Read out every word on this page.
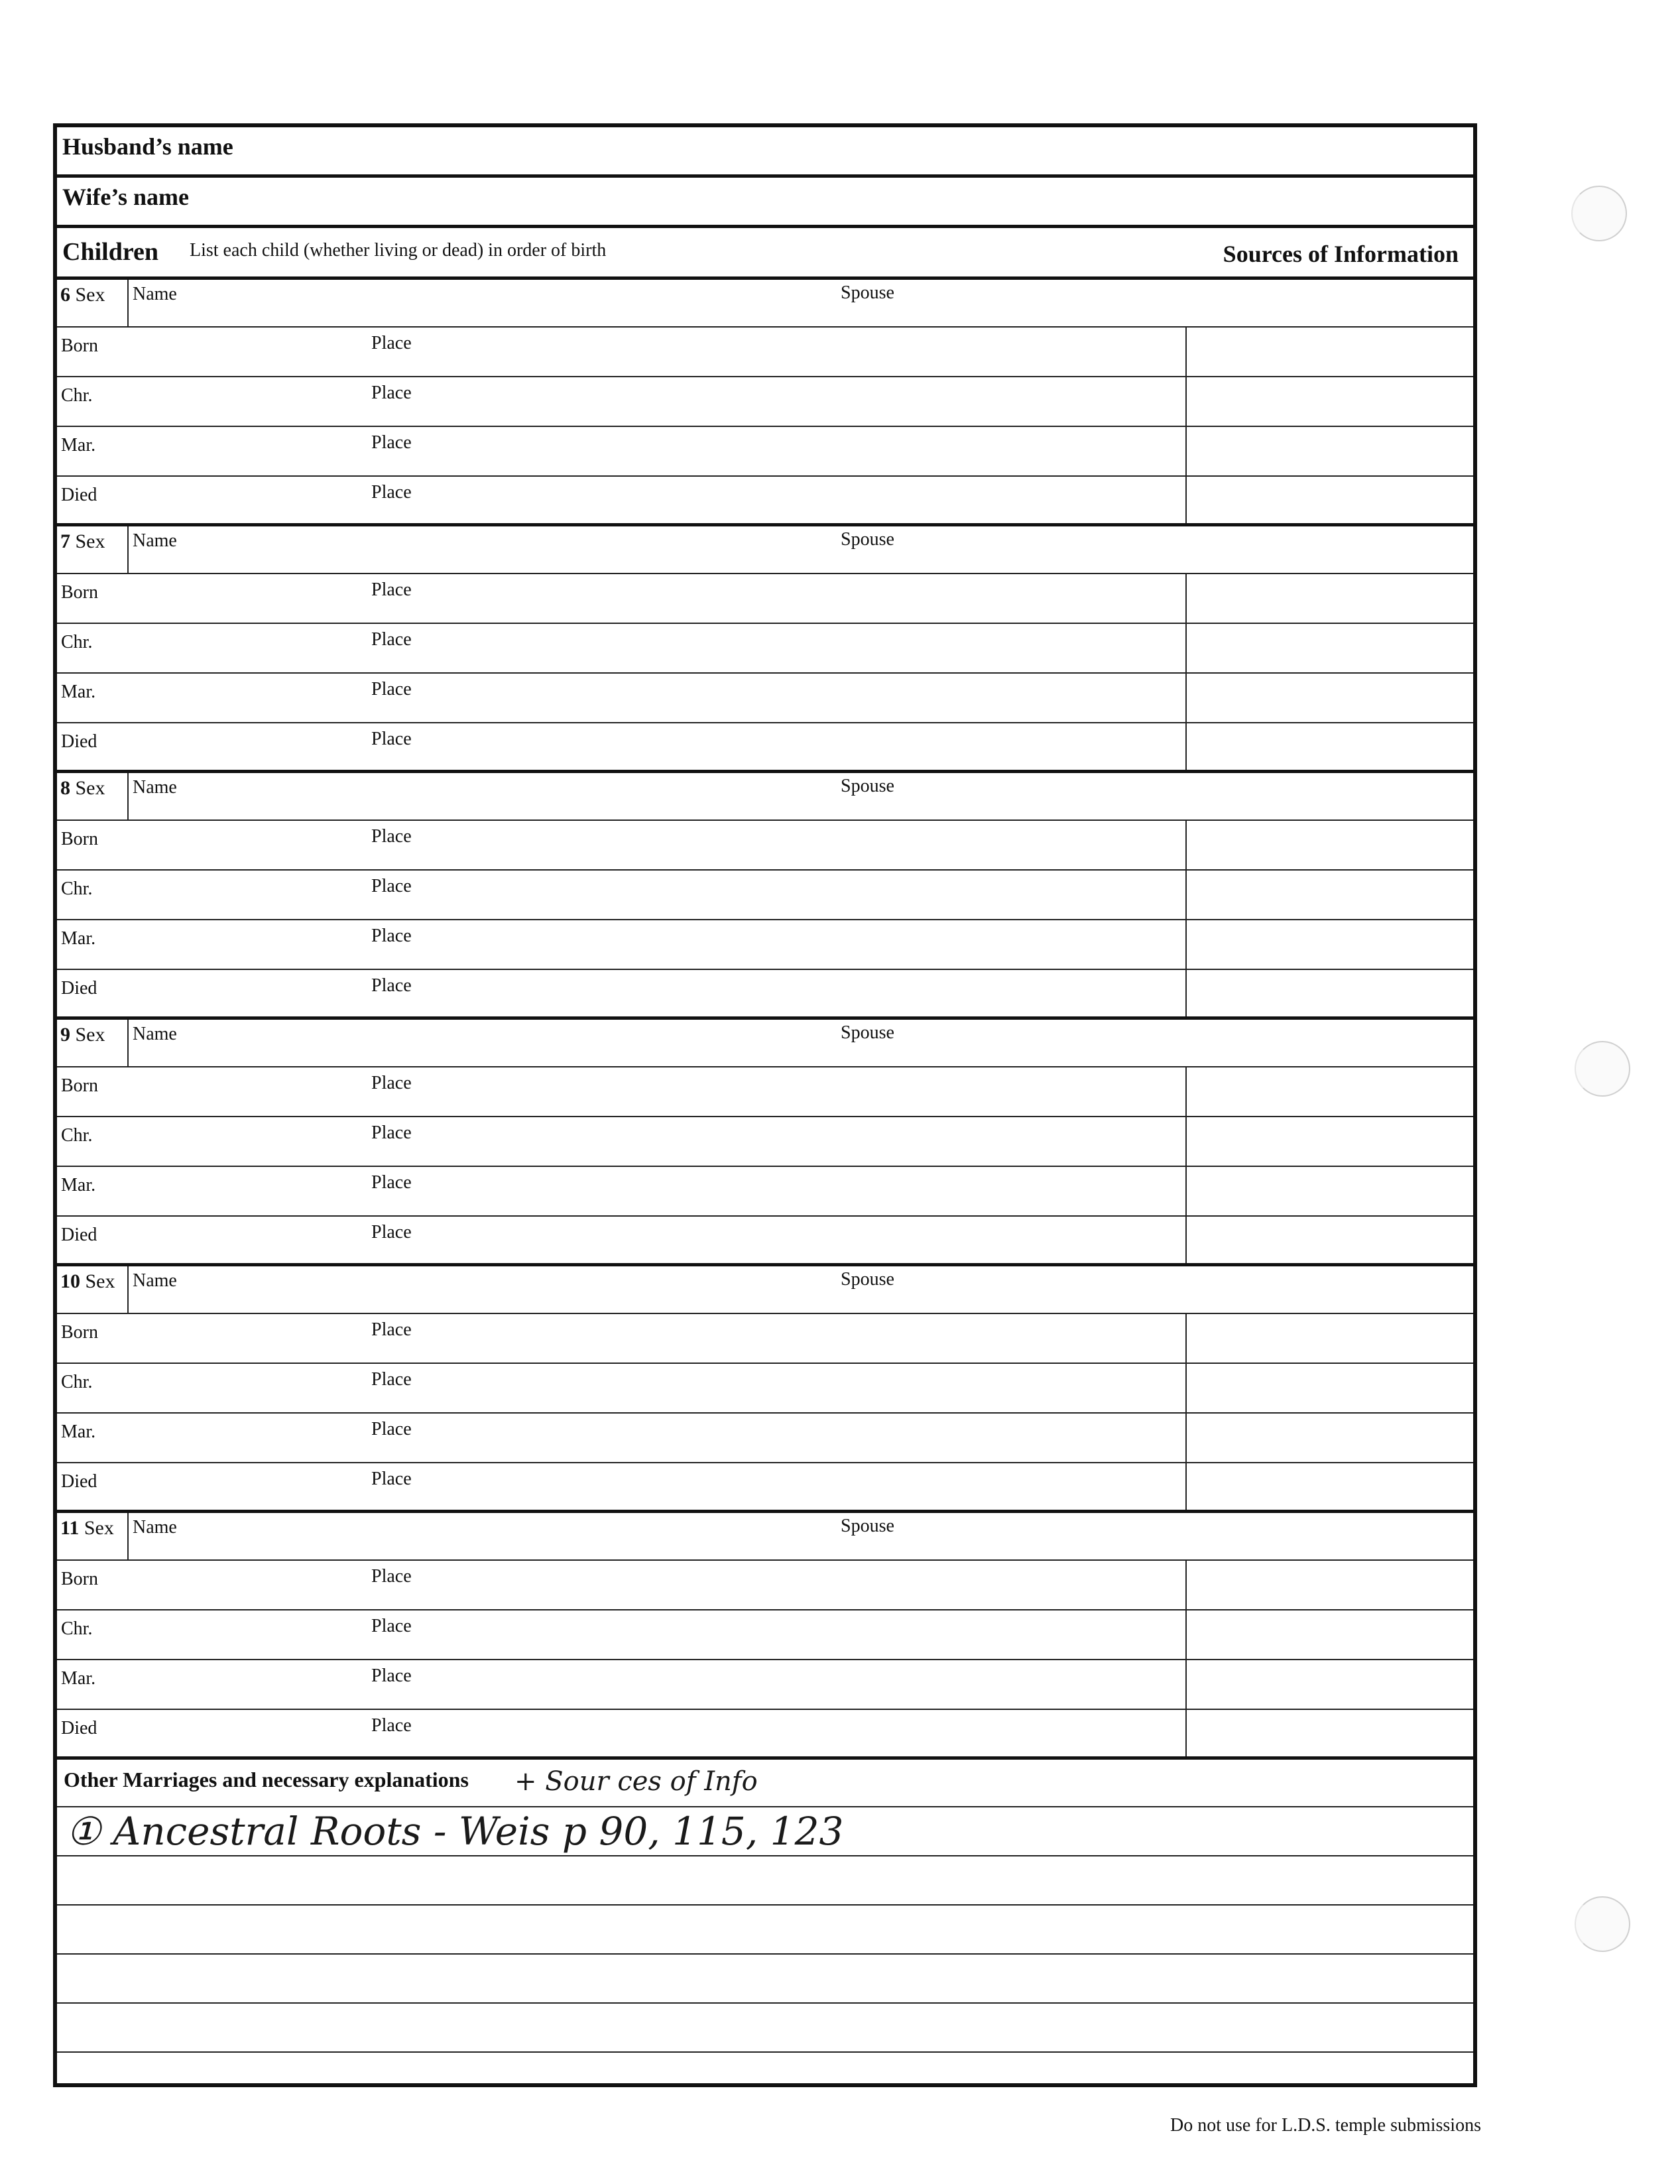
Husband’s name
Wife’s name
Children List each child (whether living or dead) in order of birth	Sources of Information
6 Sex Name	Spouse
Born	Place
Chr.	Place
Mar.	Place
Died	Place
7 Sex Name	Spouse
Born	Place
Chr.	Place
Mar.	Place
Died	Place
8 Sex Name	Spouse
Born	Place
Chr.	Place
Mar.	Place
Died	Place
9 Sex Name	Spouse
Born	Place
Chr.	Place
Mar.	Place
Died	Place
10 Sex Name	Spouse
Born	Place
Chr.	Place
Mar.	Place
Died	Place
11 Sex Name	Spouse
Born	Place
Chr.	Place
Mar.	Place
Died	Place
Other Marriages and necessary explanations + Sour ces of Info
① Ancestral Roots - Weis p 90, 115, 123
Do not use for L.D.S. temple submissions
